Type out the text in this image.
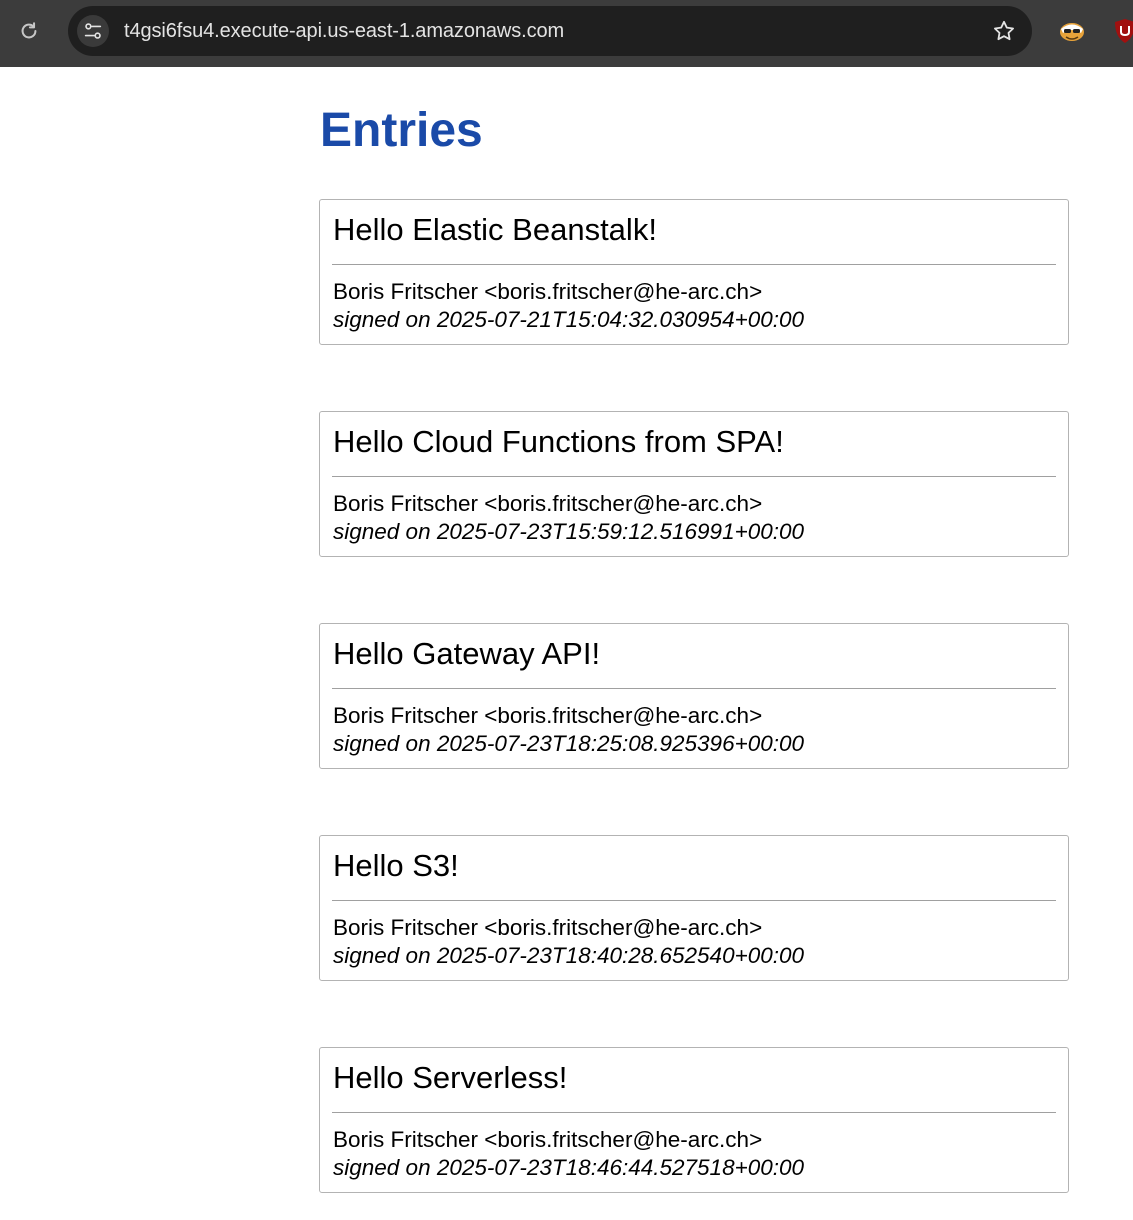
t4gsi6fsu4.execute-api.us-east-1.amazonaws.com
Entries
Hello Elastic Beanstalk!
Boris Fritscher <boris.fritscher@he-arc.ch>
signed on 2025-07-21T15:04:32.030954+00:00
Hello Cloud Functions from SPA!
Boris Fritscher <boris.fritscher@he-arc.ch>
signed on 2025-07-23T15:59:12.516991+00:00
Hello Gateway API!
Boris Fritscher <boris.fritscher@he-arc.ch>
signed on 2025-07-23T18:25:08.925396+00:00
Hello S3!
Boris Fritscher <boris.fritscher@he-arc.ch>
signed on 2025-07-23T18:40:28.652540+00:00
Hello Serverless!
Boris Fritscher <boris.fritscher@he-arc.ch>
signed on 2025-07-23T18:46:44.527518+00:00
